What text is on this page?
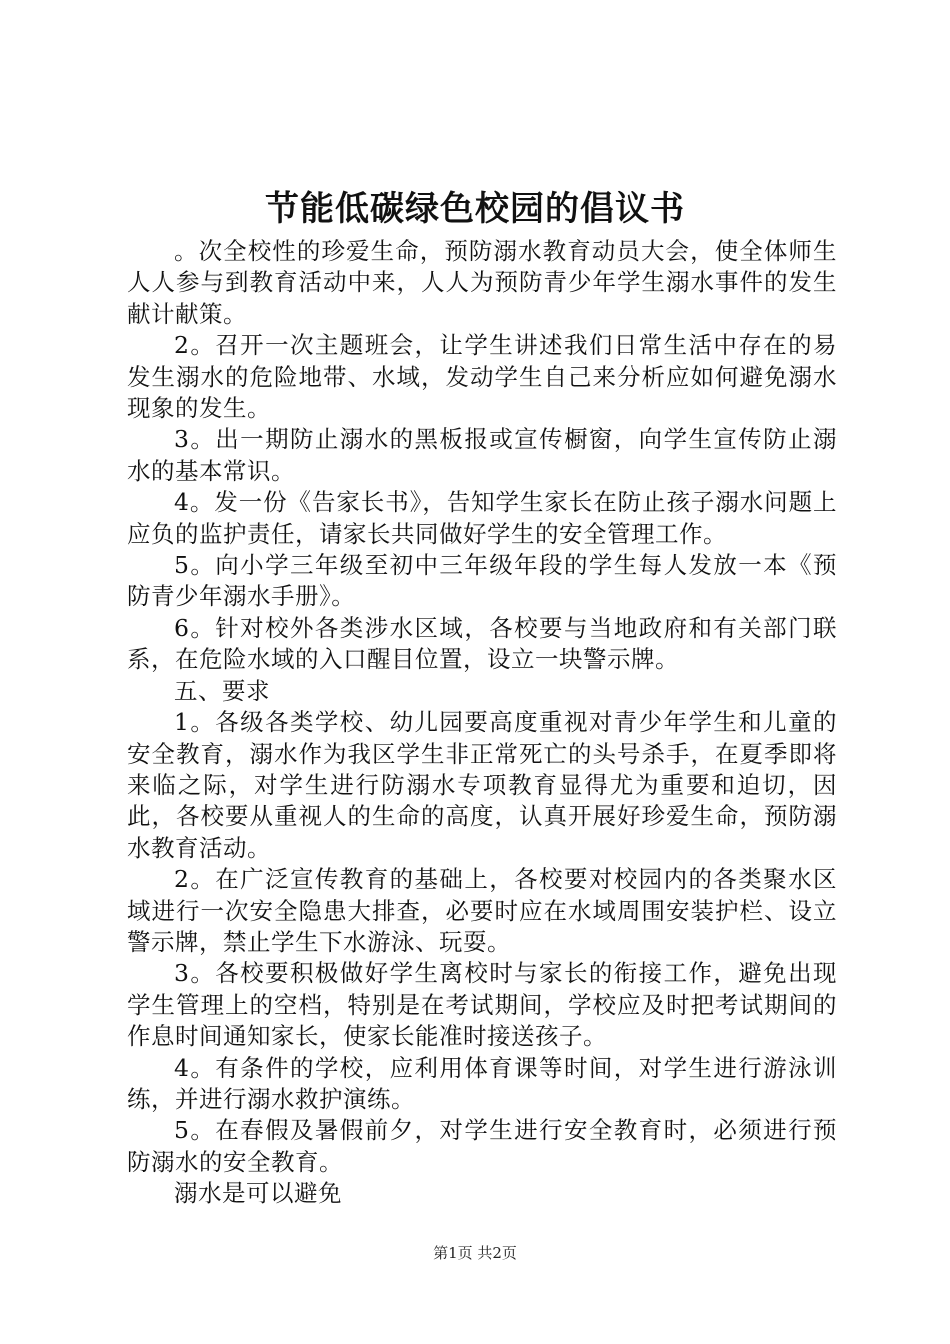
节能低碳绿色校园的倡议书

。次全校性的珍爱生命，预防溺水教育动员大会，使全体师生人人参与到教育活动中来，人人为预防青少年学生溺水事件的发生献计献策。

2。召开一次主题班会，让学生讲述我们日常生活中存在的易发生溺水的危险地带、水域，发动学生自己来分析应如何避免溺水现象的发生。

3。出一期防止溺水的黑板报或宣传橱窗，向学生宣传防止溺水的基本常识。

4。发一份《告家长书》，告知学生家长在防止孩子溺水问题上应负的监护责任，请家长共同做好学生的安全管理工作。

5。向小学三年级至初中三年级年段的学生每人发放一本《预防青少年溺水手册》。

6。针对校外各类涉水区域，各校要与当地政府和有关部门联系，在危险水域的入口醒目位置，设立一块警示牌。

五、要求

1。各级各类学校、幼儿园要高度重视对青少年学生和儿童的安全教育，溺水作为我区学生非正常死亡的头号杀手，在夏季即将来临之际，对学生进行防溺水专项教育显得尤为重要和迫切，因此，各校要从重视人的生命的高度，认真开展好珍爱生命，预防溺水教育活动。

2。在广泛宣传教育的基础上，各校要对校园内的各类聚水区域进行一次安全隐患大排查，必要时应在水域周围安装护栏、设立警示牌，禁止学生下水游泳、玩耍。

3。各校要积极做好学生离校时与家长的衔接工作，避免出现学生管理上的空档，特别是在考试期间，学校应及时把考试期间的作息时间通知家长，使家长能准时接送孩子。

4。有条件的学校，应利用体育课等时间，对学生进行游泳训练，并进行溺水救护演练。

5。在春假及暑假前夕，对学生进行安全教育时，必须进行预防溺水的安全教育。

溺水是可以避免

第1页 共2页
